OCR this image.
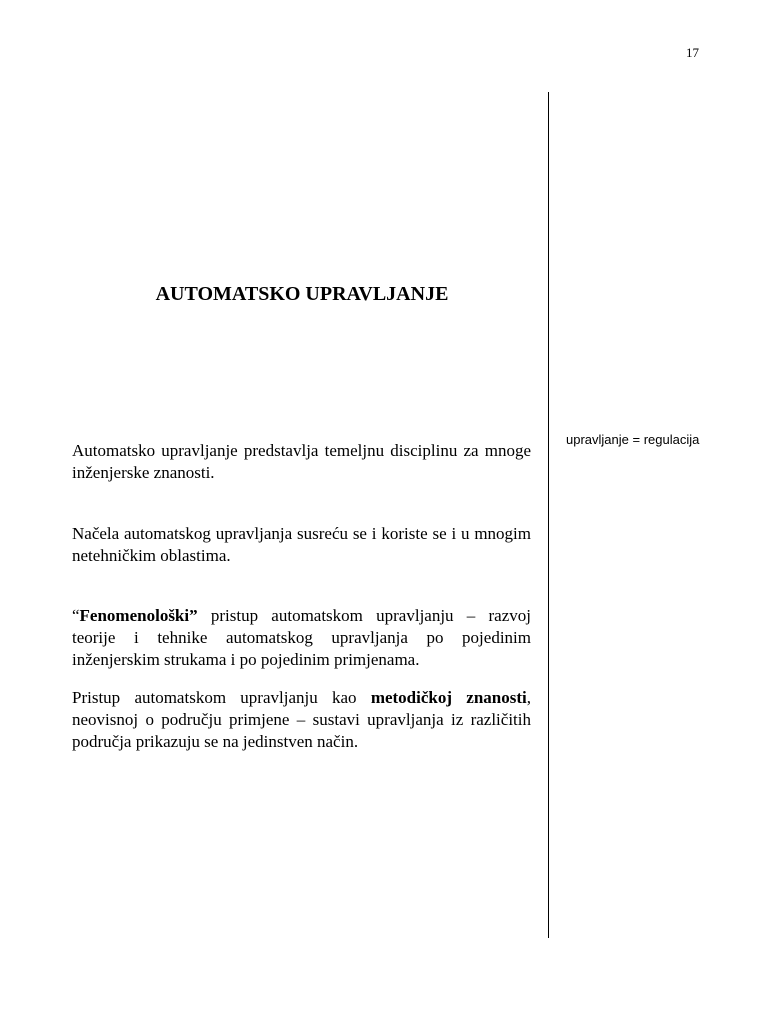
17
AUTOMATSKO UPRAVLJANJE
upravljanje = regulacija

Automatsko upravljanje predstavlja temeljnu disciplinu za mnoge inženjerske znanosti.

Načela automatskog upravljanja susreću se i koriste se i u mnogim netehničkim oblastima.

“Fenomenološki” pristup automatskom upravljanju – razvoj teorije i tehnike automatskog upravljanja po pojedinim inženjerskim strukama i po pojedinim primjenama.

Pristup automatskom upravljanju kao metodičkoj znanosti, neovisnoj o području primjene – sustavi upravljanja iz različitih područja prikazuju se na jedinstven način.
